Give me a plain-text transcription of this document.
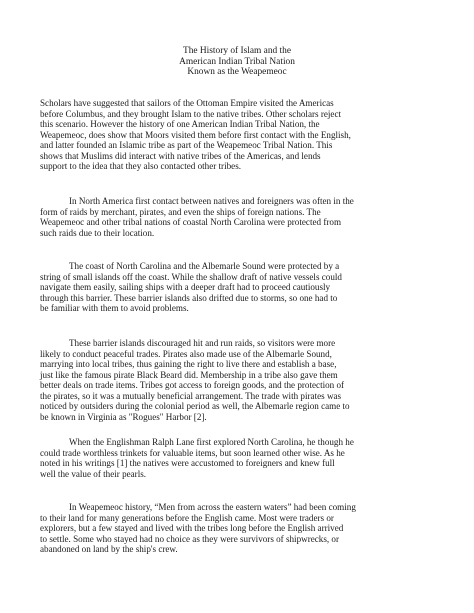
The History of Islam and the
American Indian Tribal Nation
Known as the Weapemeoc
Scholars have suggested that sailors of the Ottoman Empire visited the Americas
before Columbus, and they brought Islam to the native tribes. Other scholars reject
this scenario. However the history of one American Indian Tribal Nation, the
Weapemeoc, does show that Moors visited them before first contact with the English,
and latter founded an Islamic tribe as part of the Weapemeoc Tribal Nation. This
shows that Muslims did interact with native tribes of the Americas, and lends
support to the idea that they also contacted other tribes.
In North America first contact between natives and foreigners was often in the
form of raids by merchant, pirates, and even the ships of foreign nations. The
Weapemeoc and other tribal nations of coastal North Carolina were protected from
such raids due to their location.
The coast of North Carolina and the Albemarle Sound were protected by a
string of small islands off the coast. While the shallow draft of native vessels could
navigate them easily, sailing ships with a deeper draft had to proceed cautiously
through this barrier. These barrier islands also drifted due to storms, so one had to
be familiar with them to avoid problems.
These barrier islands discouraged hit and run raids, so visitors were more
likely to conduct peaceful trades. Pirates also made use of the Albemarle Sound,
marrying into local tribes, thus gaining the right to live there and establish a base,
just like the famous pirate Black Beard did. Membership in a tribe also gave them
better deals on trade items. Tribes got access to foreign goods, and the protection of
the pirates, so it was a mutually beneficial arrangement. The trade with pirates was
noticed by outsiders during the colonial period as well, the Albemarle region came to
be known in Virginia as "Rogues" Harbor [2].
When the Englishman Ralph Lane first explored North Carolina, he though he
could trade worthless trinkets for valuable items, but soon learned other wise. As he
noted in his writings [1] the natives were accustomed to foreigners and knew full
well the value of their pearls.
In Weapemeoc history, “Men from across the eastern waters” had been coming
to their land for many generations before the English came. Most were traders or
explorers, but a few stayed and lived with the tribes long before the English arrived
to settle. Some who stayed had no choice as they were survivors of shipwrecks, or
abandoned on land by the ship's crew.
